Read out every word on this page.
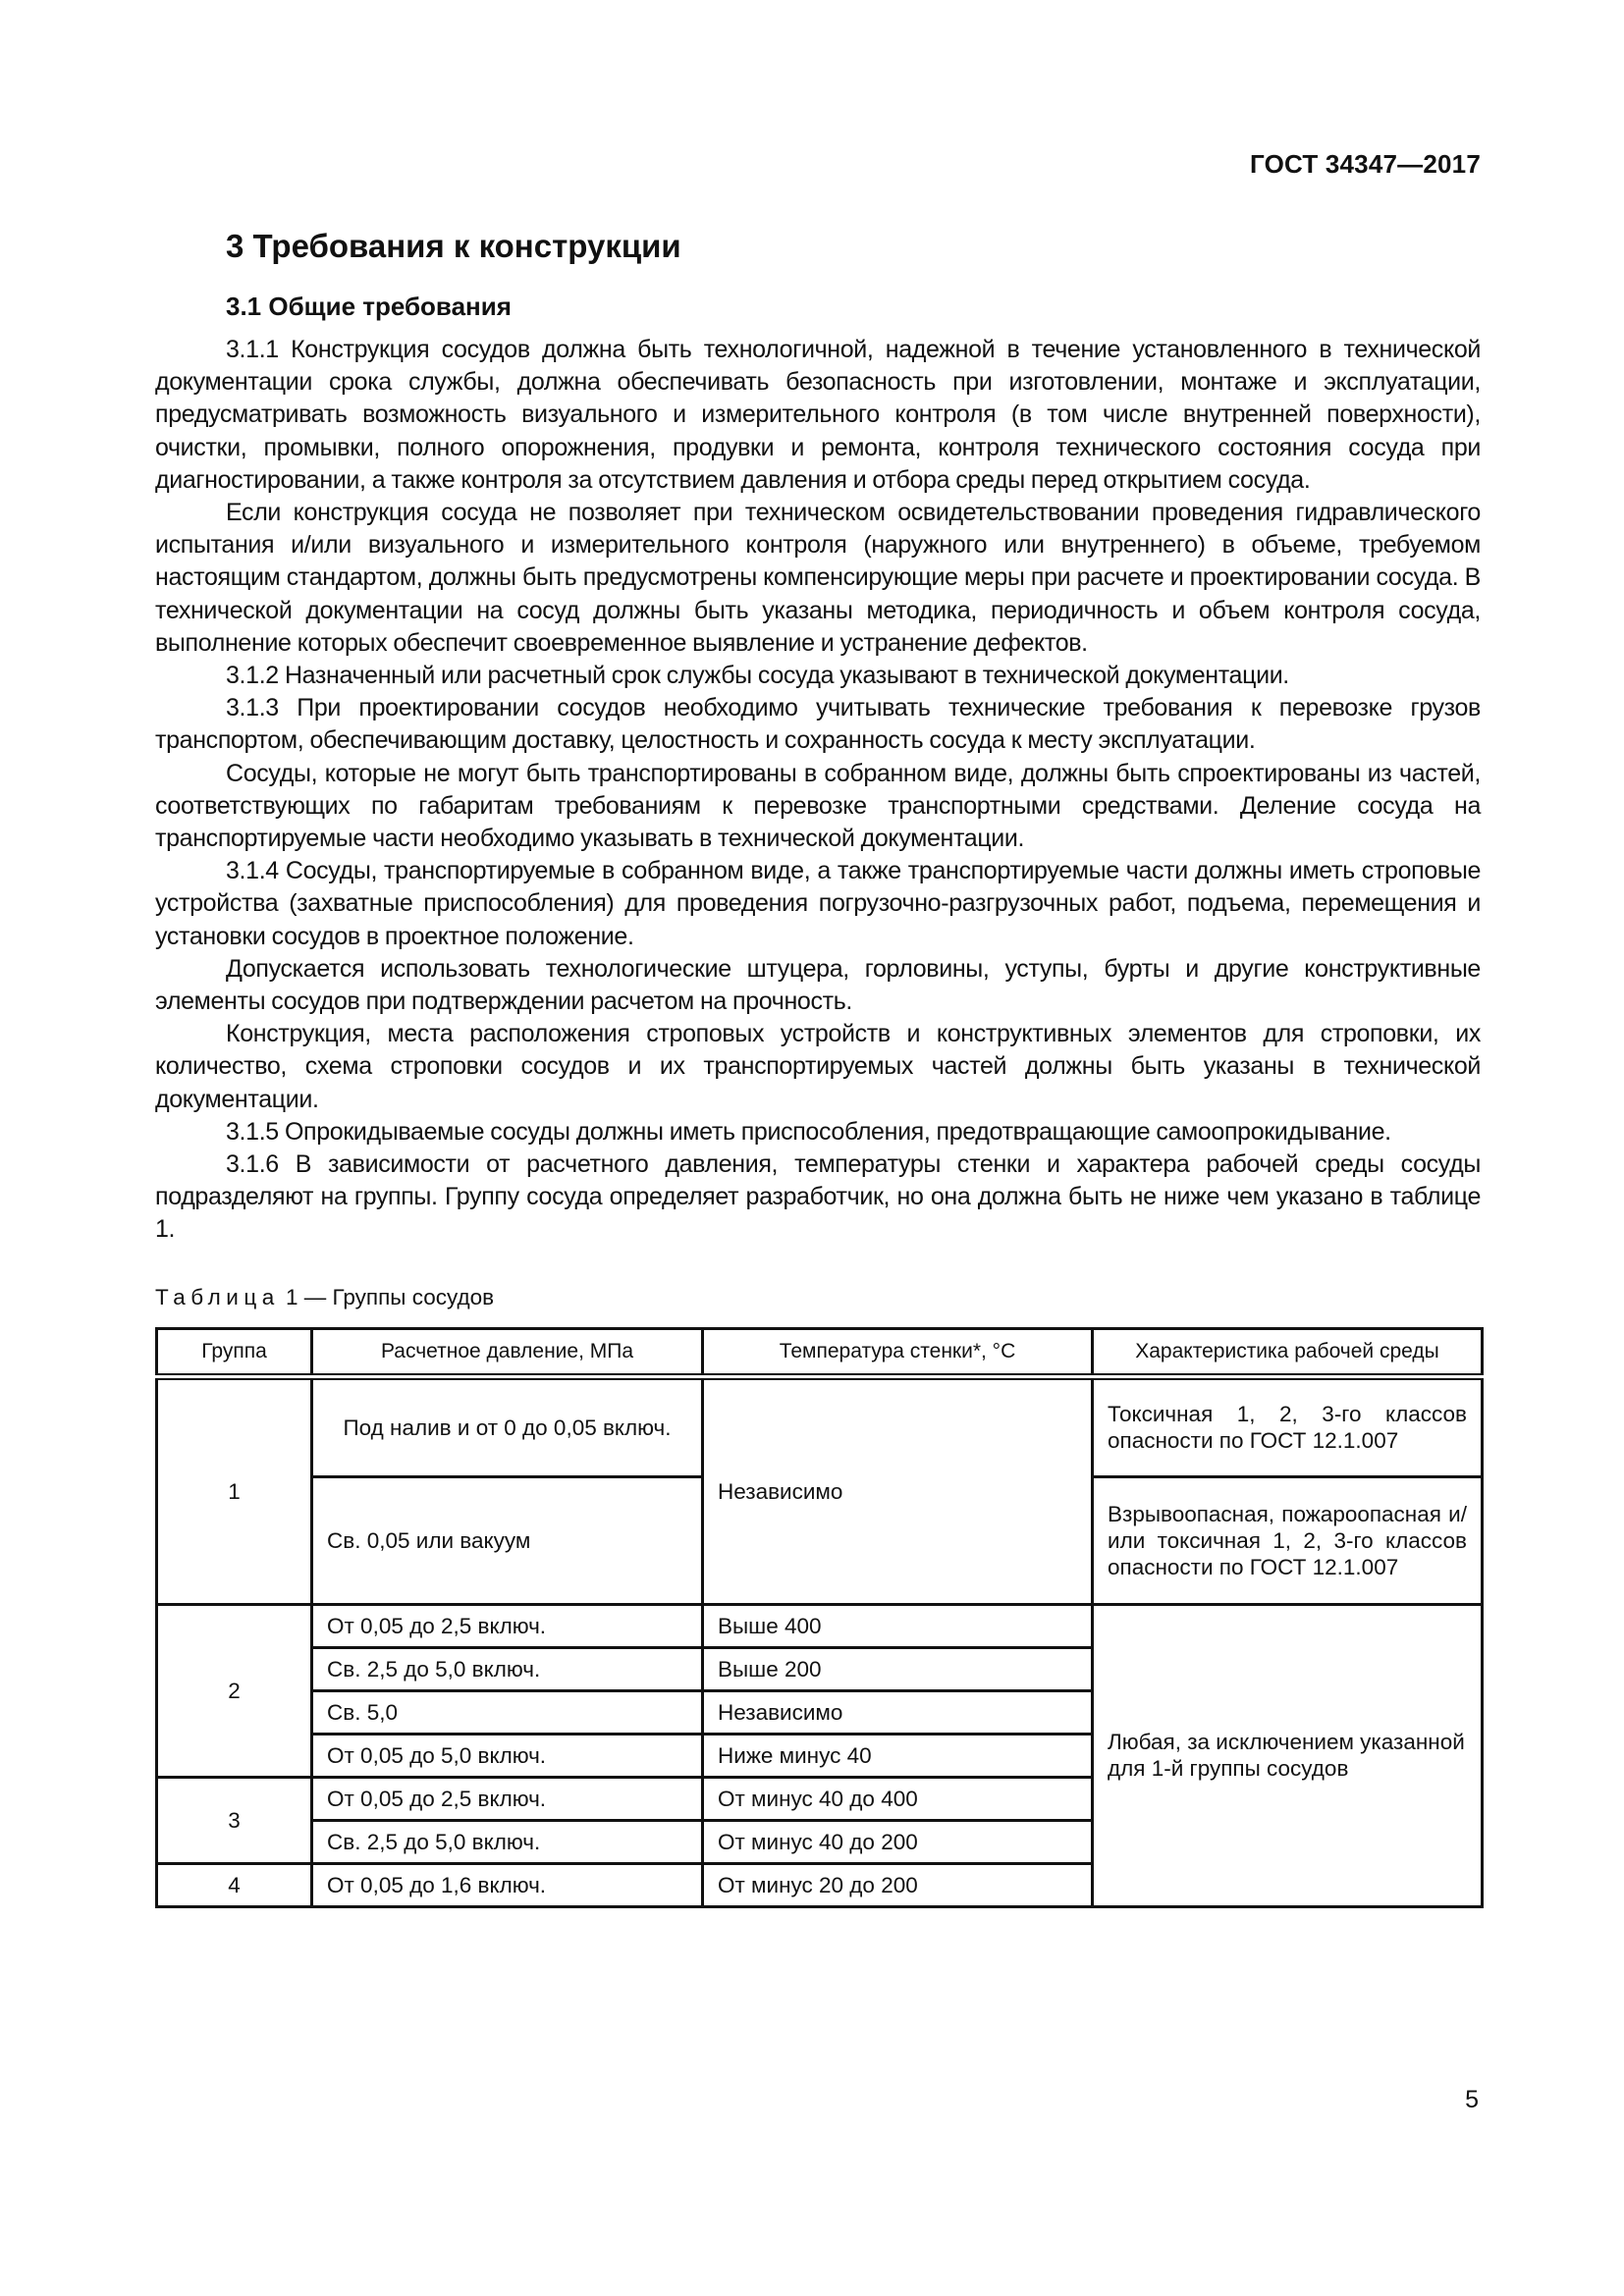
ГОСТ 34347—2017
3 Требования к конструкции
3.1 Общие требования

3.1.1 Конструкция сосудов должна быть технологичной, надежной в течение установленного в технической документации срока службы, должна обеспечивать безопасность при изготовлении, монтаже и эксплуатации, предусматривать возможность визуального и измерительного контроля (в том числе внутренней поверхности), очистки, промывки, полного опорожнения, продувки и ремонта, контроля технического состояния сосуда при диагностировании, а также контроля за отсутствием давления и отбора среды перед открытием сосуда.

Если конструкция сосуда не позволяет при техническом освидетельствовании проведения гидравлического испытания и/или визуального и измерительного контроля (наружного или внутреннего) в объеме, требуемом настоящим стандартом, должны быть предусмотрены компенсирующие меры при расчете и проектировании сосуда. В технической документации на сосуд должны быть указаны методика, периодичность и объем контроля сосуда, выполнение которых обеспечит своевременное выявление и устранение дефектов.

3.1.2 Назначенный или расчетный срок службы сосуда указывают в технической документации.

3.1.3 При проектировании сосудов необходимо учитывать технические требования к перевозке грузов транспортом, обеспечивающим доставку, целостность и сохранность сосуда к месту эксплуатации.

Сосуды, которые не могут быть транспортированы в собранном виде, должны быть спроектированы из частей, соответствующих по габаритам требованиям к перевозке транспортными средствами. Деление сосуда на транспортируемые части необходимо указывать в технической документации.

3.1.4 Сосуды, транспортируемые в собранном виде, а также транспортируемые части должны иметь строповые устройства (захватные приспособления) для проведения погрузочно-разгрузочных работ, подъема, перемещения и установки сосудов в проектное положение.

Допускается использовать технологические штуцера, горловины, уступы, бурты и другие конструктивные элементы сосудов при подтверждении расчетом на прочность.

Конструкция, места расположения строповых устройств и конструктивных элементов для строповки, их количество, схема строповки сосудов и их транспортируемых частей должны быть указаны в технической документации.

3.1.5 Опрокидываемые сосуды должны иметь приспособления, предотвращающие самоопрокидывание.

3.1.6 В зависимости от расчетного давления, температуры стенки и характера рабочей среды сосуды подразделяют на группы. Группу сосуда определяет разработчик, но она должна быть не ниже чем указано в таблице 1.

Таблица 1 — Группы сосудов
Группа	Расчетное давление, МПа	Температура стенки*, °С	Характеристика рабочей среды
1	Под налив и от 0 до 0,05 включ.	Независимо	Токсичная 1, 2, 3-го классов опасности по ГОСТ 12.1.007
	Св. 0,05 или вакуум		Взрывоопасная, пожароопасная и/или токсичная 1, 2, 3-го классов опасности по ГОСТ 12.1.007
2	От 0,05 до 2,5 включ.	Выше 400	Любая, за исключением указанной для 1-й группы сосудов
	Св. 2,5 до 5,0 включ.	Выше 200	
	Св. 5,0	Независимо	
	От 0,05 до 5,0 включ.	Ниже минус 40	
3	От 0,05 до 2,5 включ.	От минус 40 до 400	
	Св. 2,5 до 5,0 включ.	От минус 40 до 200	
4	От 0,05 до 1,6 включ.	От минус 20 до 200	
5
